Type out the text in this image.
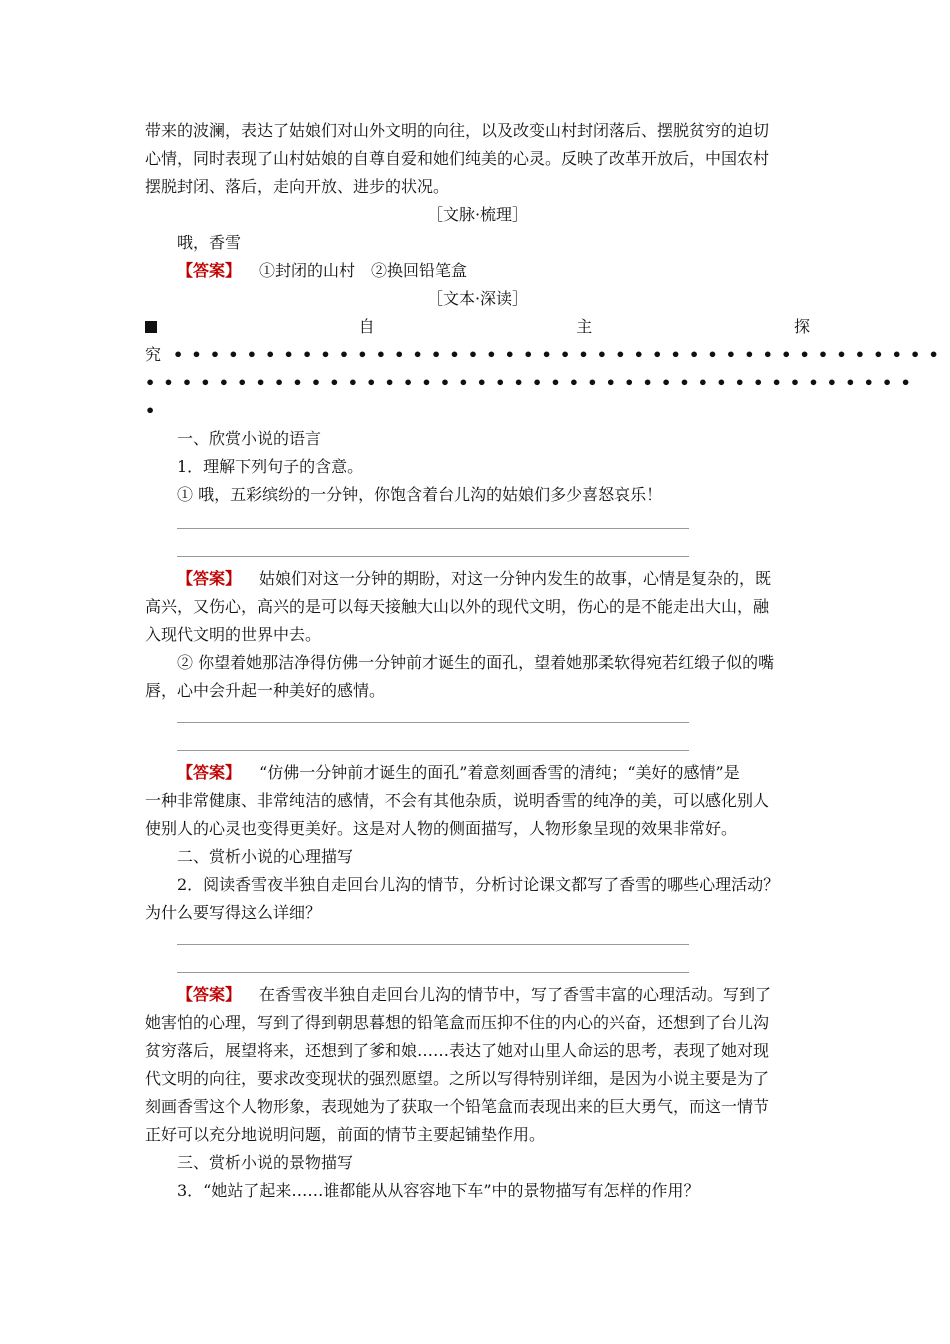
带来的波澜，表达了姑娘们对山外文明的向往，以及改变山村封闭落后、摆脱贫穷的迫切
心情，同时表现了山村姑娘的自尊自爱和她们纯美的心灵。反映了改革开放后，中国农村
摆脱封闭、落后，走向开放、进步的状况。
［文脉·梳理］
哦，香雪
【答案】 ①封闭的山村　②换回铅笔盒
［文本·深读］
自	主	探
究 ••••••••••••••••••••••••••••••••••••••••••
••••••••••••••••••••••••••••••••••••••••••
•
一、欣赏小说的语言
1．理解下列句子的含意。
① 哦，五彩缤纷的一分钟，你饱含着台儿沟的姑娘们多少喜怒哀乐！
【答案】 姑娘们对这一分钟的期盼，对这一分钟内发生的故事，心情是复杂的，既
高兴，又伤心，高兴的是可以每天接触大山以外的现代文明，伤心的是不能走出大山，融
入现代文明的世界中去。
② 你望着她那洁净得仿佛一分钟前才诞生的面孔，望着她那柔软得宛若红缎子似的嘴
唇，心中会升起一种美好的感情。
【答案】 “仿佛一分钟前才诞生的面孔”着意刻画香雪的清纯；“美好的感情”是
一种非常健康、非常纯洁的感情，不会有其他杂质，说明香雪的纯净的美，可以感化别人
使别人的心灵也变得更美好。这是对人物的侧面描写，人物形象呈现的效果非常好。
二、赏析小说的心理描写
2．阅读香雪夜半独自走回台儿沟的情节，分析讨论课文都写了香雪的哪些心理活动？
为什么要写得这么详细？
【答案】 在香雪夜半独自走回台儿沟的情节中，写了香雪丰富的心理活动。写到了
她害怕的心理，写到了得到朝思暮想的铅笔盒而压抑不住的内心的兴奋，还想到了台儿沟
贫穷落后，展望将来，还想到了爹和娘……表达了她对山里人命运的思考，表现了她对现
代文明的向往，要求改变现状的强烈愿望。之所以写得特别详细，是因为小说主要是为了
刻画香雪这个人物形象，表现她为了获取一个铅笔盒而表现出来的巨大勇气，而这一情节
正好可以充分地说明问题，前面的情节主要起铺垫作用。
三、赏析小说的景物描写
3．“她站了起来……谁都能从从容容地下车”中的景物描写有怎样的作用？
